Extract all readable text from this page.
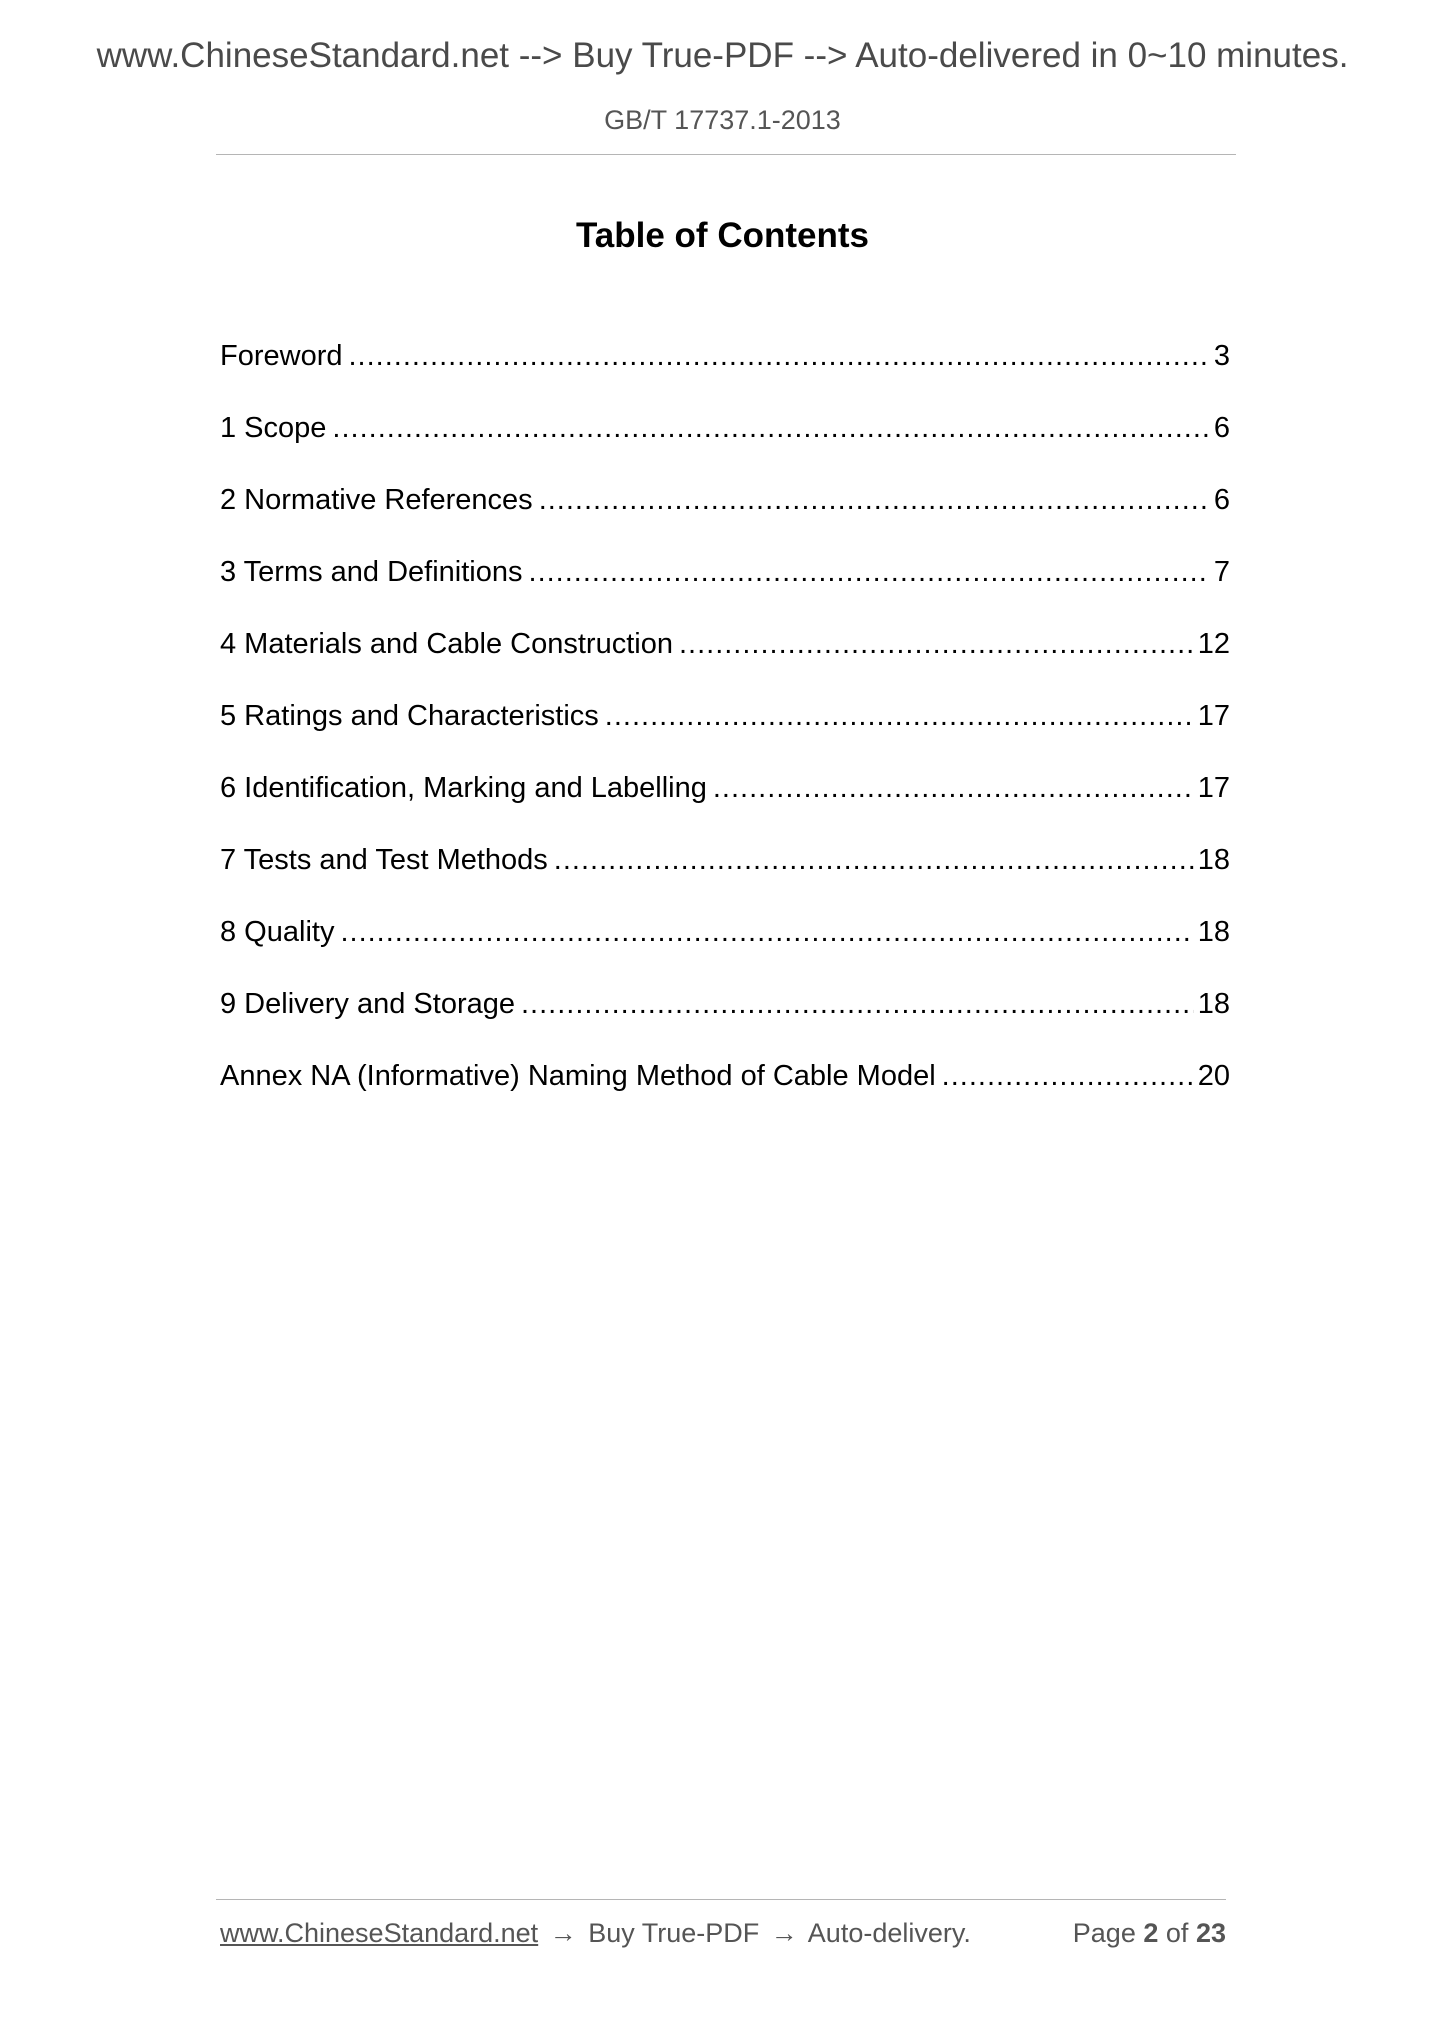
www.ChineseStandard.net --> Buy True-PDF --> Auto-delivered in 0~10 minutes.
GB/T 17737.1-2013
Table of Contents
Foreword .....	3
1 Scope .....	6
2 Normative References .....	6
3 Terms and Definitions .....	7
4 Materials and Cable Construction .....	12
5 Ratings and Characteristics .....	17
6 Identification, Marking and Labelling .....	17
7 Tests and Test Methods .....	18
8 Quality .....	18
9 Delivery and Storage .....	18
Annex NA (Informative) Naming Method of Cable Model .....	20
www.ChineseStandard.net → Buy True-PDF → Auto-delivery.	Page 2 of 23
